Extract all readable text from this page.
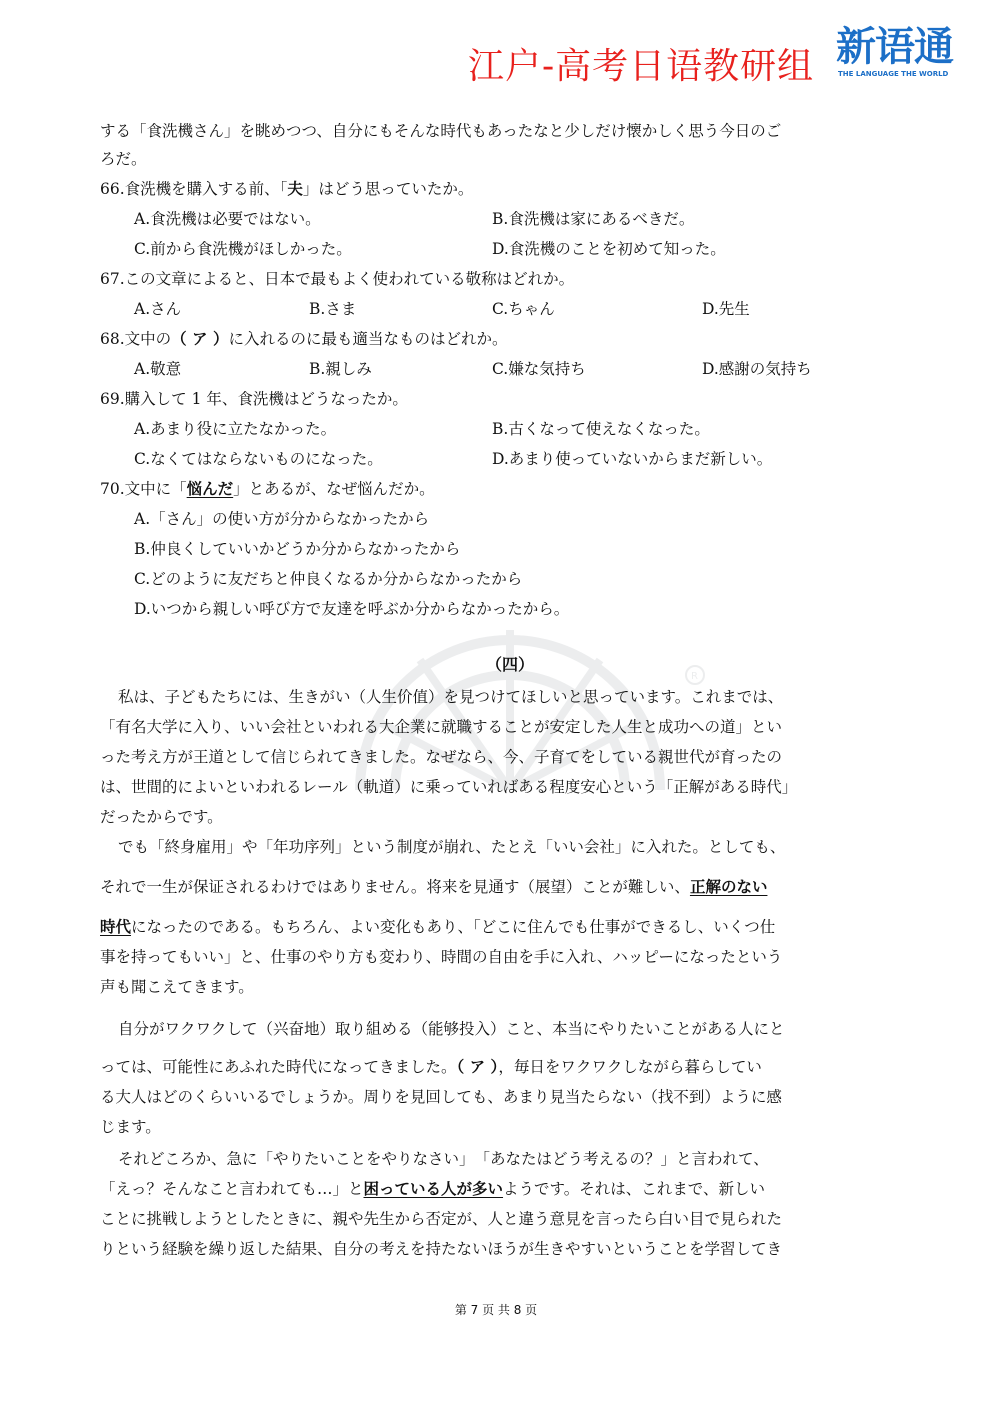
江户-高考日语教研组 新语通
THE LANGUAGE THE WORLD
R
する「食洗機さん」を眺めつつ、自分にもそんな時代もあったなと少しだけ懐かしく思う今日のご
ろだ。
66.食洗機を購入する前、「夫」はどう思っていたか。
A.食洗機は必要ではない。	B.食洗機は家にあるべきだ。
C.前から食洗機がほしかった。	D.食洗機のことを初めて知った。
67.この文章によると、日本で最もよく使われている敬称はどれか。
A.さん	B.さま	C.ちゃん	D.先生
68.文中の（ ア ）に入れるのに最も適当なものはどれか。
A.敬意	B.親しみ	C.嫌な気持ち	D.感謝の気持ち
69.購入して 1 年、食洗機はどうなったか。
A.あまり役に立たなかった。	B.古くなって使えなくなった。
C.なくてはならないものになった。	D.あまり使っていないからまだ新しい。
70.文中に「悩んだ」とあるが、なぜ悩んだか。
A.「さん」の使い方が分からなかったから
B.仲良くしていいかどうか分からなかったから
C.どのように友だちと仲良くなるか分からなかったから
D.いつから親しい呼び方で友達を呼ぶか分からなかったから。
（四）
私は、子どもたちには、生きがい（人生价值）を見つけてほしいと思っています。これまでは、
「有名大学に入り、いい会社といわれる大企業に就職することが安定した人生と成功への道」とい
った考え方が王道として信じられてきました。なぜなら、今、子育てをしている親世代が育ったの
は、世間的によいといわれるレール（軌道）に乗っていればある程度安心という「正解がある時代」
だったからです。
でも「終身雇用」や「年功序列」という制度が崩れ、たとえ「いい会社」に入れた。としても、
それで一生が保证されるわけではありません。将来を見通す（展望）ことが難しい、正解のない
時代になったのである。もちろん、よい変化もあり、「どこに住んでも仕事ができるし、いくつ仕
事を持ってもいい」と、仕事のやり方も変わり、時間の自由を手に入れ、ハッピーになったという
声も聞こえてきます。
自分がワクワクして（兴奋地）取り組める（能够投入）こと、本当にやりたいことがある人にと
っては、可能性にあふれた時代になってきました。（ ア ），毎日をワクワクしながら暮らしてい
る大人はどのくらいいるでしょうか。周りを見回しても、あまり見当たらない（找不到）ように感
じます。
それどころか、急に「やりたいことをやりなさい」　「あなたはどう考えるの？」と言われて、
「えっ？そんなこと言われても…」と困っている人が多いようです。それは、これまで、新しい
ことに挑戦しようとしたときに、親や先生から否定が、人と違う意見を言ったら白い目で見られた
りという経験を繰り返した結果、自分の考えを持たないほうが生きやすいということを学習してき
第 7 页 共 8 页
